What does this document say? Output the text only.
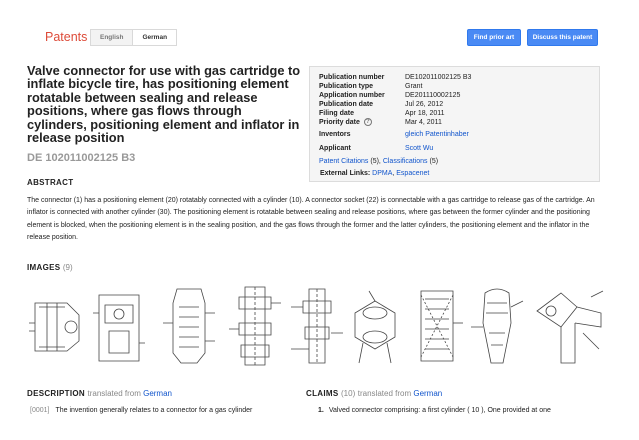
Patents	English	German	Find prior art	Discuss this patent
Valve connector for use with gas cartridge to inflate bicycle tire, has positioning element rotatable between sealing and release positions, where gas flows through cylinders, positioning element and inflator in release position
DE 102011002125 B3
Publication number	DE102011002125 B3
Publication type	Grant
Application number	DE201110002125
Publication date	Jul 26, 2012
Filing date	Apr 18, 2011
Priority date ?	Mar 4, 2011
Inventors	gleich Patentinhaber
Applicant	Scott Wu
Patent Citations (5), Classifications (5)
External Links: DPMA, Espacenet
ABSTRACT
The connector (1) has a positioning element (20) rotatably connected with a cylinder (10). A connector socket (22) is connectable with a gas cartridge to release gas of the cartridge. An inflator is connected with another cylinder (30). The positioning element is rotatable between sealing and release positions, where gas between the former cylinder and the positioning element is blocked, when the positioning element is in the sealing position, and the gas flows through the former and the latter cylinders, the positioning element and the inflator in the release position.
IMAGES (9)
DESCRIPTION translated from German
[0001] The invention generally relates to a connector for a gas cylinder
CLAIMS (10) translated from German
1. Valved connector comprising: a first cylinder ( 10 ), One provided at one
